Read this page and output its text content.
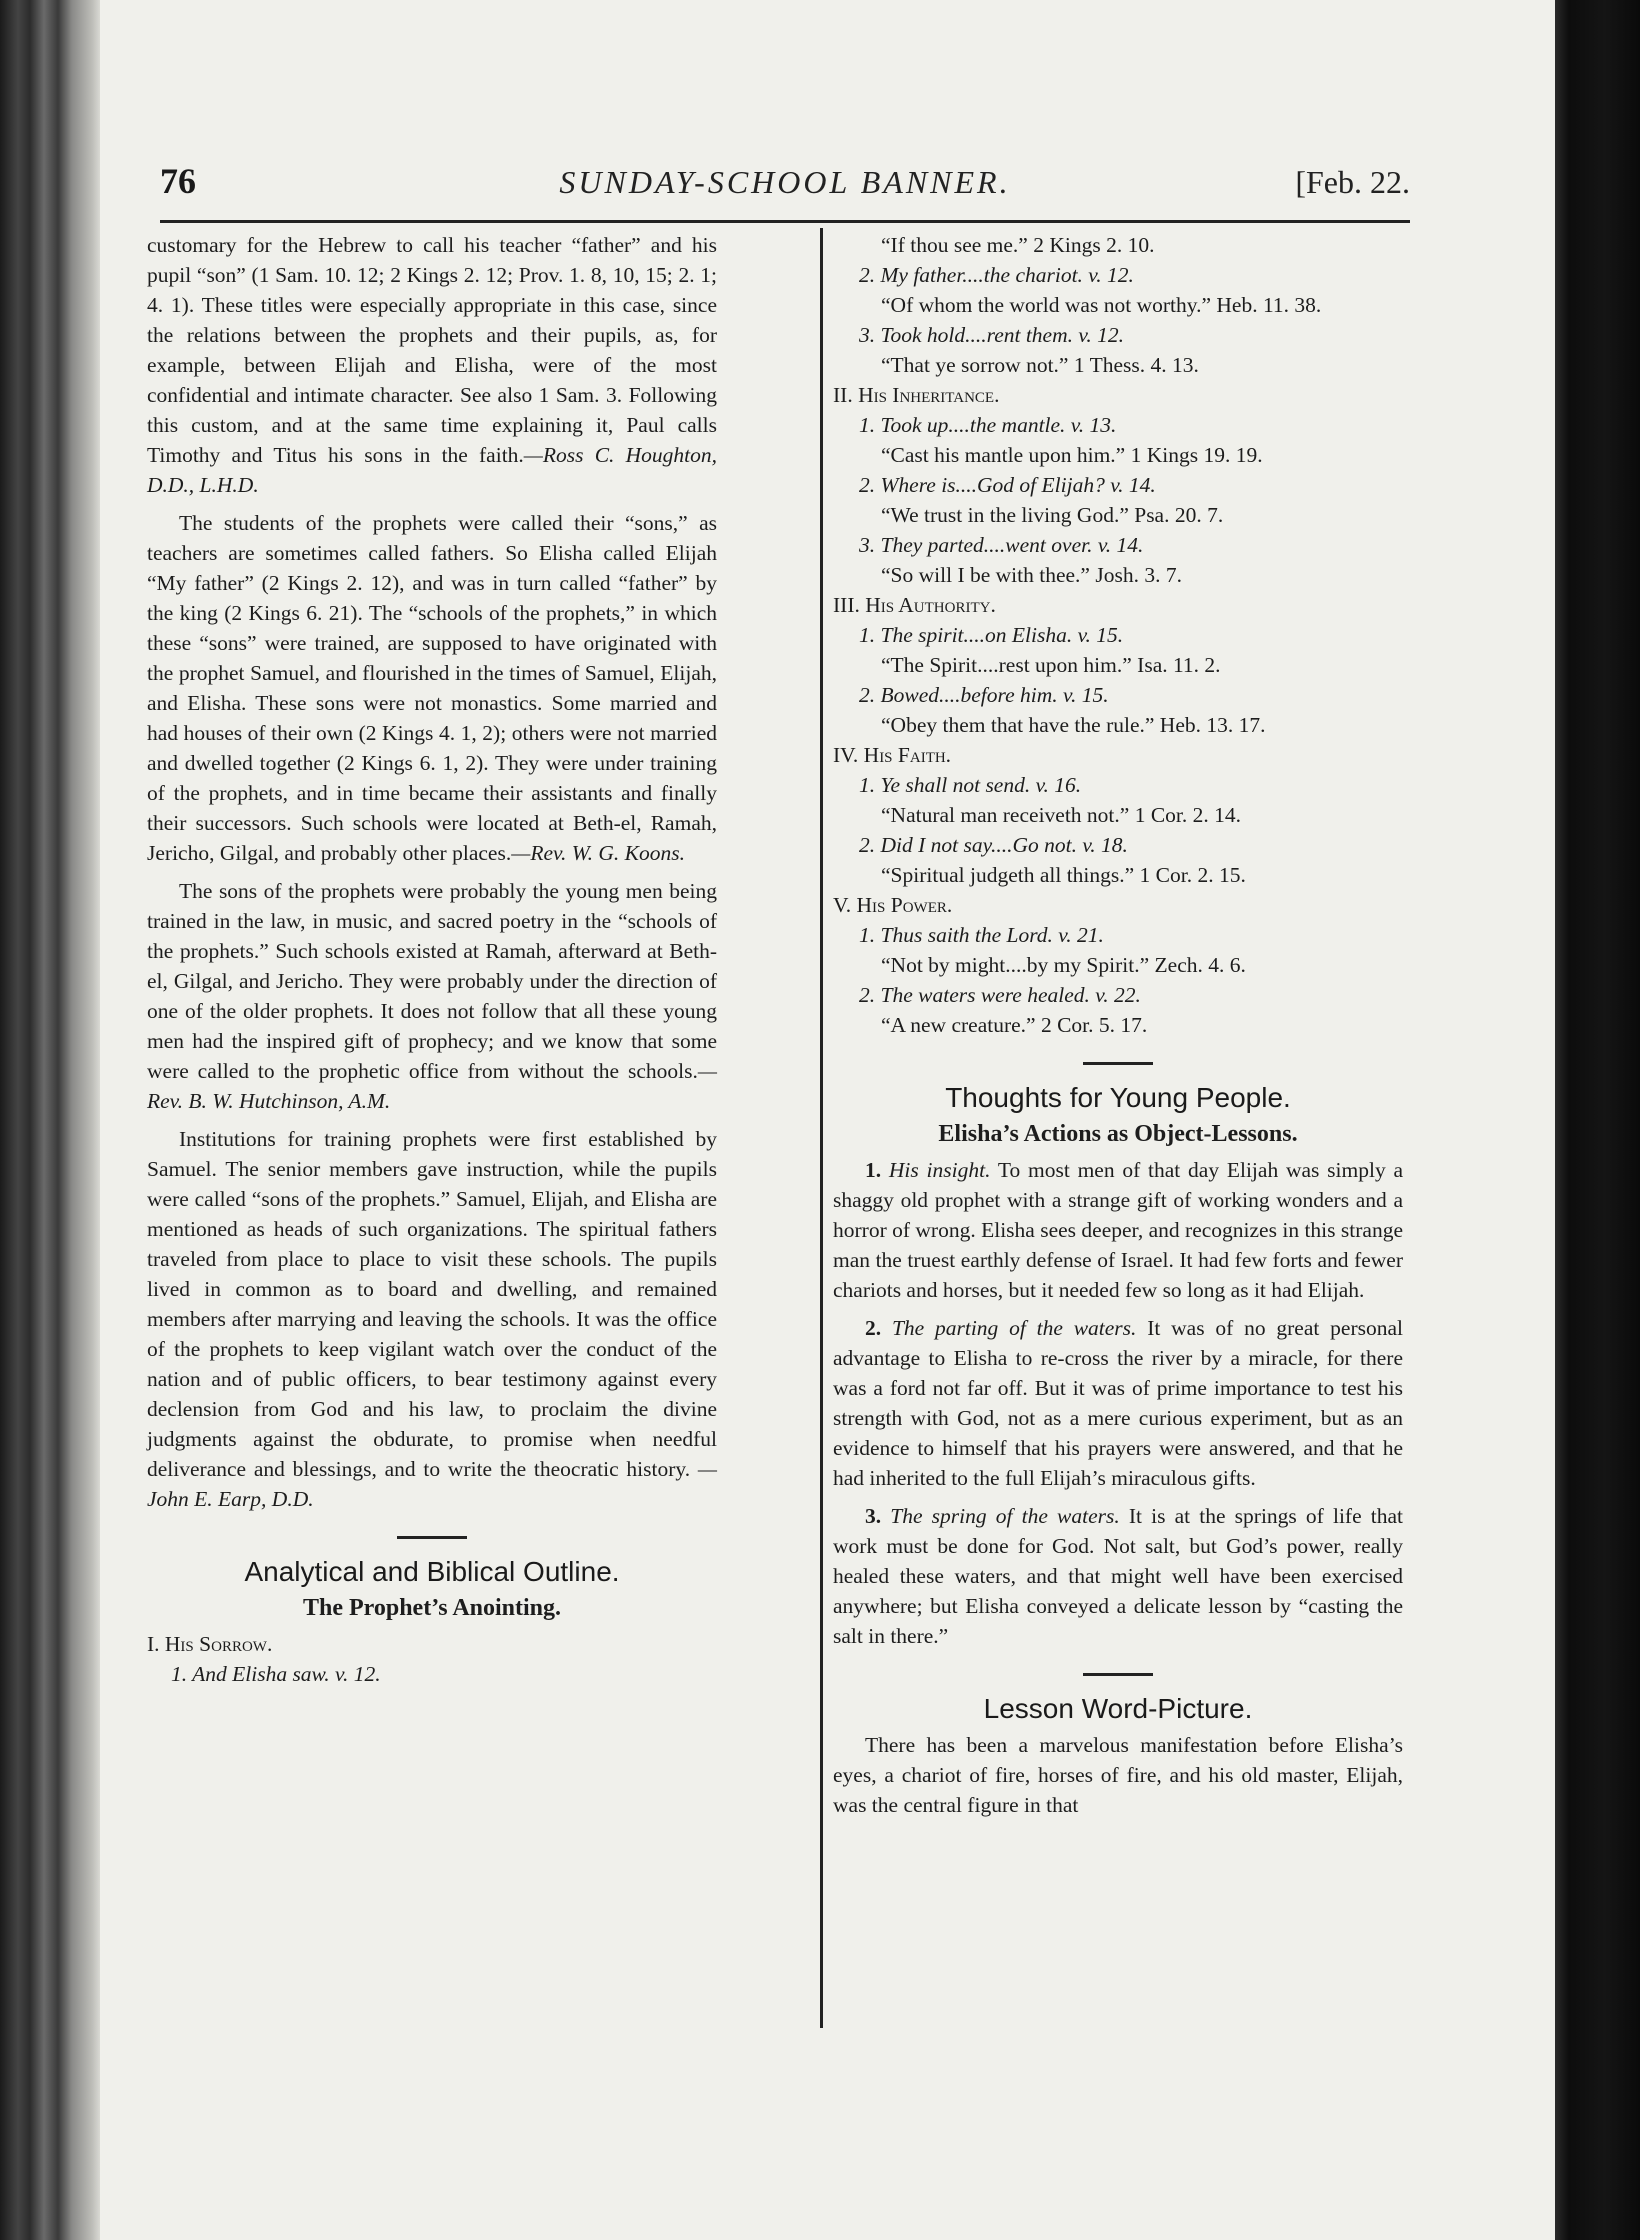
76	SUNDAY-SCHOOL BANNER.	[Feb. 22.

customary for the Hebrew to call his teacher “father” and his pupil “son” (1 Sam. 10. 12; 2 Kings 2. 12; Prov. 1. 8, 10, 15; 2. 1; 4. 1). These titles were especially appropriate in this case, since the relations between the prophets and their pupils, as, for example, between Elijah and Elisha, were of the most confidential and intimate character. See also 1 Sam. 3. Following this custom, and at the same time explaining it, Paul calls Timothy and Titus his sons in the faith.—Ross C. Houghton, D.D., L.H.D.

The students of the prophets were called their “sons,” as teachers are sometimes called fathers. So Elisha called Elijah “My father” (2 Kings 2. 12), and was in turn called “father” by the king (2 Kings 6. 21). The “schools of the prophets,” in which these “sons” were trained, are supposed to have originated with the prophet Samuel, and flourished in the times of Samuel, Elijah, and Elisha. These sons were not monastics. Some married and had houses of their own (2 Kings 4. 1, 2); others were not married and dwelled together (2 Kings 6. 1, 2). They were under training of the prophets, and in time became their assistants and finally their successors. Such schools were located at Beth-el, Ramah, Jericho, Gilgal, and probably other places.—Rev. W. G. Koons.

The sons of the prophets were probably the young men being trained in the law, in music, and sacred poetry in the “schools of the prophets.” Such schools existed at Ramah, afterward at Beth-el, Gilgal, and Jericho. They were probably under the direction of one of the older prophets. It does not follow that all these young men had the inspired gift of prophecy; and we know that some were called to the prophetic office from without the schools.—Rev. B. W. Hutchinson, A.M.

Institutions for training prophets were first established by Samuel. The senior members gave instruction, while the pupils were called “sons of the prophets.” Samuel, Elijah, and Elisha are mentioned as heads of such organizations. The spiritual fathers traveled from place to place to visit these schools. The pupils lived in common as to board and dwelling, and remained members after marrying and leaving the schools. It was the office of the prophets to keep vigilant watch over the conduct of the nation and of public officers, to bear testimony against every declension from God and his law, to proclaim the divine judgments against the obdurate, to promise when needful deliverance and blessings, and to write the theocratic history. —John E. Earp, D.D.

Analytical and Biblical Outline.
The Prophet’s Anointing.
I. His Sorrow.
1. And Elisha saw. v. 12.
“If thou see me.” 2 Kings 2. 10.
2. My father....the chariot. v. 12.
“Of whom the world was not worthy.” Heb. 11. 38.
3. Took hold....rent them. v. 12.
“That ye sorrow not.” 1 Thess. 4. 13.
II. His Inheritance.
1. Took up....the mantle. v. 13.
“Cast his mantle upon him.” 1 Kings 19. 19.
2. Where is....God of Elijah? v. 14.
“We trust in the living God.” Psa. 20. 7.
3. They parted....went over. v. 14.
“So will I be with thee.” Josh. 3. 7.
III. His Authority.
1. The spirit....on Elisha. v. 15.
“The Spirit....rest upon him.” Isa. 11. 2.
2. Bowed....before him. v. 15.
“Obey them that have the rule.” Heb. 13. 17.
IV. His Faith.
1. Ye shall not send. v. 16.
“Natural man receiveth not.” 1 Cor. 2. 14.
2. Did I not say....Go not. v. 18.
“Spiritual judgeth all things.” 1 Cor. 2. 15.
V. His Power.
1. Thus saith the Lord. v. 21.
“Not by might....by my Spirit.” Zech. 4. 6.
2. The waters were healed. v. 22.
“A new creature.” 2 Cor. 5. 17.
Thoughts for Young People.
Elisha’s Actions as Object-Lessons.

1. His insight. To most men of that day Elijah was simply a shaggy old prophet with a strange gift of working wonders and a horror of wrong. Elisha sees deeper, and recognizes in this strange man the truest earthly defense of Israel. It had few forts and fewer chariots and horses, but it needed few so long as it had Elijah.

2. The parting of the waters. It was of no great personal advantage to Elisha to re-cross the river by a miracle, for there was a ford not far off. But it was of prime importance to test his strength with God, not as a mere curious experiment, but as an evidence to himself that his prayers were answered, and that he had inherited to the full Elijah’s miraculous gifts.

3. The spring of the waters. It is at the springs of life that work must be done for God. Not salt, but God’s power, really healed these waters, and that might well have been exercised anywhere; but Elisha conveyed a delicate lesson by “casting the salt in there.”

Lesson Word-Picture.

There has been a marvelous manifestation before Elisha’s eyes, a chariot of fire, horses of fire, and his old master, Elijah, was the central figure in that
